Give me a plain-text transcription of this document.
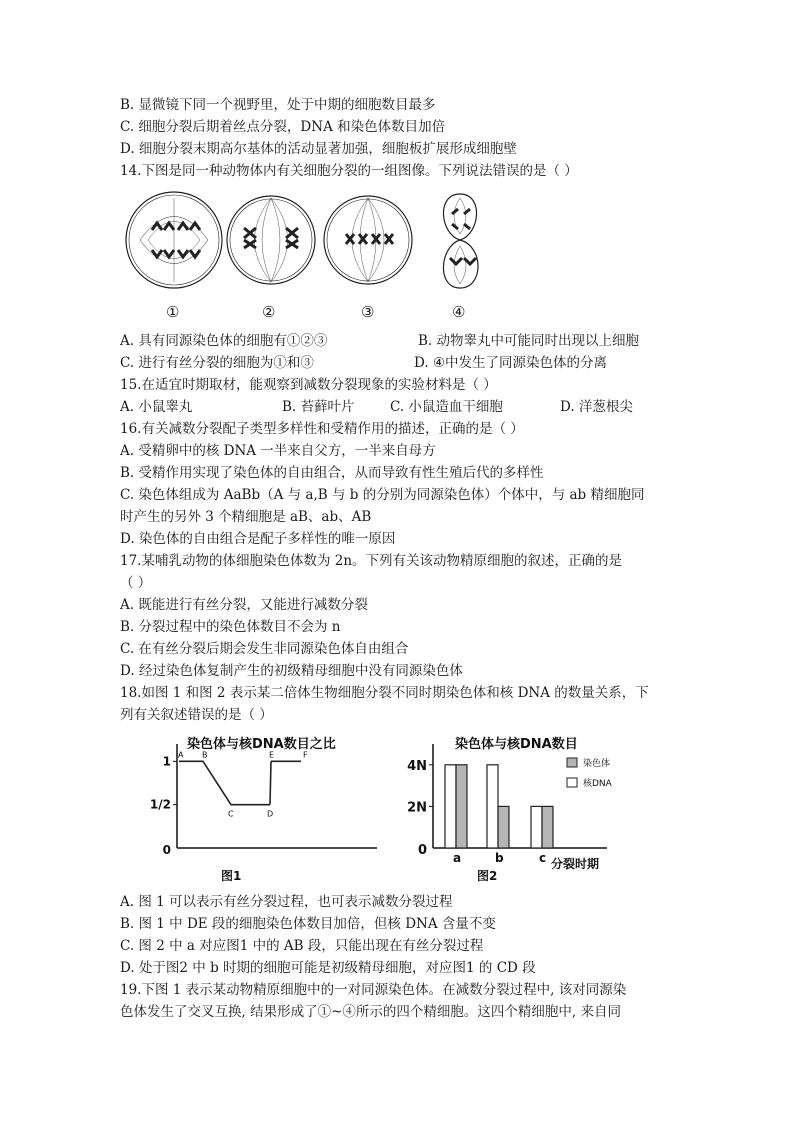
B. 显微镜下同一个视野里，处于中期的细胞数目最多
C. 细胞分裂后期着丝点分裂，DNA 和染色体数目加倍
D. 细胞分裂末期高尔基体的活动显著加强，细胞板扩展形成细胞壁
14.下图是同一种动物体内有关细胞分裂的一组图像。下列说法错误的是（ ）
①	②	③	④
A. 具有同源染色体的细胞有①②③	B. 动物睾丸中可能同时出现以上细胞
C. 进行有丝分裂的细胞为①和③	D. ④中发生了同源染色体的分离
15.在适宜时期取材，能观察到减数分裂现象的实验材料是（ ）
A. 小鼠睾丸	B. 苔藓叶片	C. 小鼠造血干细胞	D. 洋葱根尖
16.有关减数分裂配子类型多样性和受精作用的描述，正确的是（ ）
A. 受精卵中的核 DNA 一半来自父方，一半来自母方
B. 受精作用实现了染色体的自由组合，从而导致有性生殖后代的多样性
C. 染色体组成为 AaBb（A 与 a,B 与 b 的分别为同源染色体）个体中，与 ab 精细胞同
时产生的另外 3 个精细胞是 aB、ab、AB
D. 染色体的自由组合是配子多样性的唯一原因
17.某哺乳动物的体细胞染色体数为 2n。下列有关该动物精原细胞的叙述，正确的是
（ ）
A. 既能进行有丝分裂，又能进行减数分裂
B. 分裂过程中的染色体数目不会为 n
C. 在有丝分裂后期会发生非同源染色体自由组合
D. 经过染色体复制产生的初级精母细胞中没有同源染色体
18.如图 1 和图 2 表示某二倍体生物细胞分裂不同时期染色体和核 DNA 的数量关系，下
列有关叙述错误的是（ ）
染色体与核DNA数目之比
1
1/2
0
A B
C	D
E	F
图1
染色体与核DNA数目
4N
2N
0 a	b	c
染色体
核DNA
图2
分裂时期
A. 图 1 可以表示有丝分裂过程，也可表示减数分裂过程
B. 图 1 中 DE 段的细胞染色体数目加倍，但核 DNA 含量不变
C. 图 2 中 a 对应图1 中的 AB 段，只能出现在有丝分裂过程
D. 处于图2 中 b 时期的细胞可能是初级精母细胞，对应图1 的 CD 段
19.下图 1 表示某动物精原细胞中的一对同源染色体。在减数分裂过程中, 该对同源染
色体发生了交叉互换, 结果形成了①~④所示的四个精细胞。这四个精细胞中, 来自同
